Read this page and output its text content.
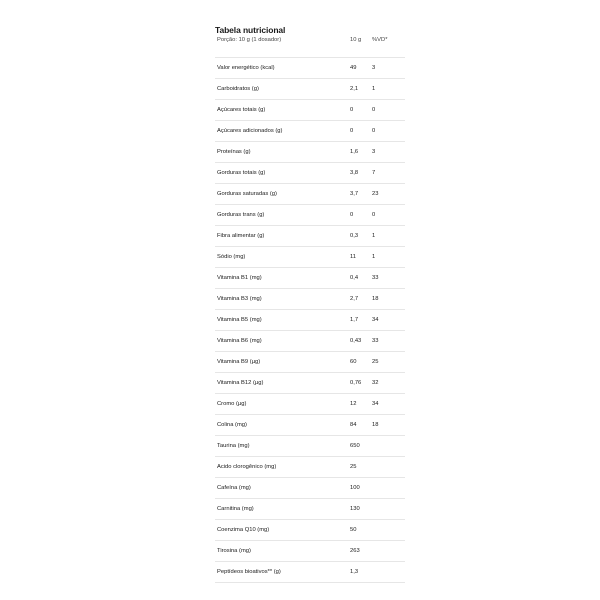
Tabela nutricional
Porção: 10 g (1 dosador)	10 g	%VD*
Valor energético (kcal)	49	3
Carboidratos (g)	2,1	1
Açúcares totais (g)	0	0
Açúcares adicionados (g)	0	0
Proteínas (g)	1,6	3
Gorduras totais (g)	3,8	7
Gorduras saturadas (g)	3,7	23
Gorduras trans (g)	0	0
Fibra alimentar (g)	0,3	1
Sódio (mg)	11	1
Vitamina B1 (mg)	0,4	33
Vitamina B3 (mg)	2,7	18
Vitamina B5 (mg)	1,7	34
Vitamina B6 (mg)	0,43	33
Vitamina B9 (µg)	60	25
Vitamina B12 (µg)	0,76	32
Cromo (µg)	12	34
Colina (mg)	84	18
Taurina (mg)	650
Acido clorogênico (mg)	25
Cafeína (mg)	100
Carnitina (mg)	130
Coenzima Q10 (mg)	50
Tirosina (mg)	263
Peptídeos bioativos** (g)	1,3
